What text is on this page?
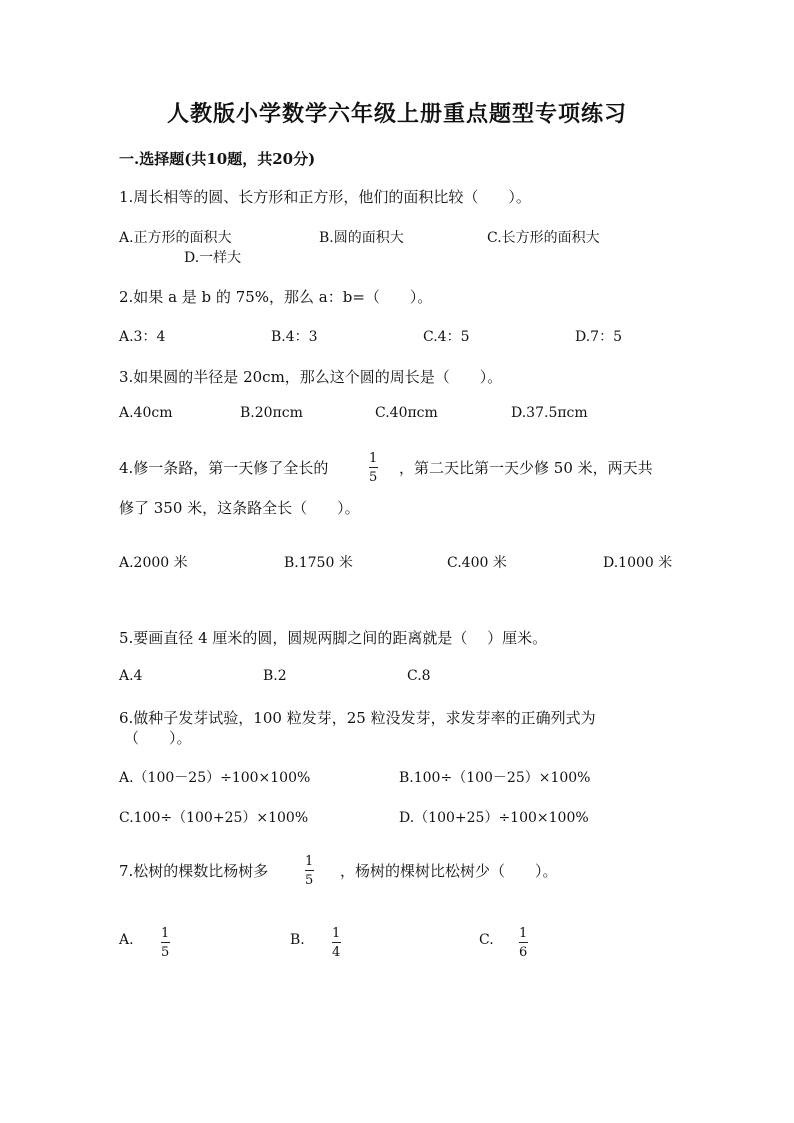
人教版小学数学六年级上册重点题型专项练习
一.选择题(共10题，共20分)
1.周长相等的圆、长方形和正方形，他们的面积比较（　　）。
A.正方形的面积大	B.圆的面积大	C.长方形的面积大
D.一样大
2.如果 a 是 b 的 75%，那么 a：b=（　　）。
A.3：4	B.4：3	C.4：5	D.7：5
3.如果圆的半径是 20cm，那么这个圆的周长是（　　）。
A.40cm	B.20πcm	C.40πcm	D.37.5πcm
4.修一条路，第一天修了全长的
1
5
，第二天比第一天少修 50 米，两天共
修了 350 米，这条路全长（　　）。
A.2000 米	B.1750 米	C.400 米	D.1000 米
5.要画直径 4 厘米的圆，圆规两脚之间的距离就是（　 ）厘米。
A.4	B.2	C.8
6.做种子发芽试验，100 粒发芽，25 粒没发芽，求发芽率的正确列式为
（　　）。
A.（100－25）÷100×100%	B.100÷（100－25）×100%
C.100÷（100+25）×100%	D.（100+25）÷100×100%
7.松树的棵数比杨树多
1
5
，杨树的棵树比松树少（　　）。
A. 1
5
B. 1
4
C. 1
6
